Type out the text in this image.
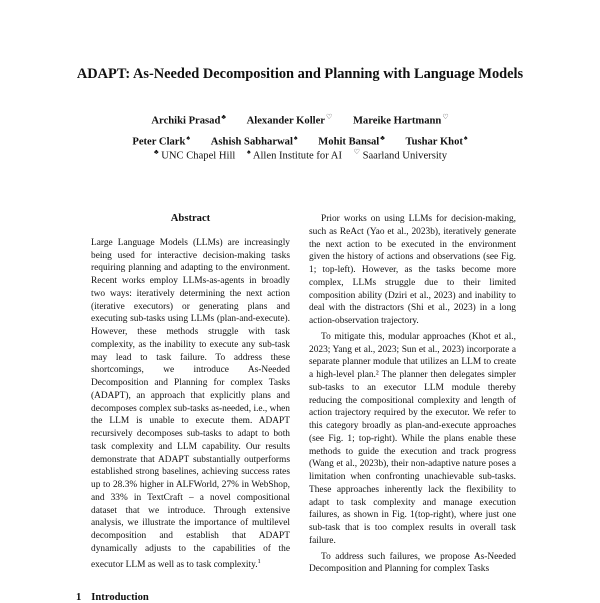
ADAPT: As-Needed Decomposition and Planning with Language Models
Archiki Prasad♣ Alexander Koller♡ Mareike Hartmann♡
Peter Clark♠ Ashish Sabharwal♠ Mohit Bansal♣ Tushar Khot♠
♣ UNC Chapel Hill ♠ Allen Institute for AI ♡ Saarland University
Abstract
Large Language Models (LLMs) are increasingly being used for interactive decision-making tasks requiring planning and adapting to the environment. Recent works employ LLMs-as-agents in broadly two ways: iteratively determining the next action (iterative executors) or generating plans and executing sub-tasks using LLMs (plan-and-execute). However, these methods struggle with task complexity, as the inability to execute any sub-task may lead to task failure. To address these shortcomings, we introduce As-Needed Decomposition and Planning for complex Tasks (ADAPT), an approach that explicitly plans and decomposes complex sub-tasks as-needed, i.e., when the LLM is unable to execute them. ADAPT recursively decomposes sub-tasks to adapt to both task complexity and LLM capability. Our results demonstrate that ADAPT substantially outperforms established strong baselines, achieving success rates up to 28.3% higher in ALFWorld, 27% in WebShop, and 33% in TextCraft – a novel compositional dataset that we introduce. Through extensive analysis, we illustrate the importance of multilevel decomposition and establish that ADAPT dynamically adjusts to the capabilities of the executor LLM as well as to task complexity.$^1$

Prior works on using LLMs for decision-making, such as ReAct (Yao et al., 2023b), iteratively generate the next action to be executed in the environment given the history of actions and observations (see Fig. 1; top-left). However, as the tasks become more complex, LLMs struggle due to their limited composition ability (Dziri et al., 2023) and inability to deal with the distractors (Shi et al., 2023) in a long action-observation trajectory.

To mitigate this, modular approaches (Khot et al., 2023; Yang et al., 2023; Sun et al., 2023) incorporate a separate planner module that utilizes an LLM to create a high-level plan.² The planner then delegates simpler sub-tasks to an executor LLM module thereby reducing the compositional complexity and length of action trajectory required by the executor. We refer to this category broadly as plan-and-execute approaches (see Fig. 1; top-right). While the plans enable these methods to guide the execution and track progress (Wang et al., 2023b), their non-adaptive nature poses a limitation when confronting unachievable sub-tasks. These approaches inherently lack the flexibility to adapt to task complexity and manage execution failures, as shown in Fig. 1(top-right), where just one sub-task that is too complex results in overall task failure.

To address such failures, we propose As-Needed Decomposition and Planning for complex Tasks

1 Introduction
